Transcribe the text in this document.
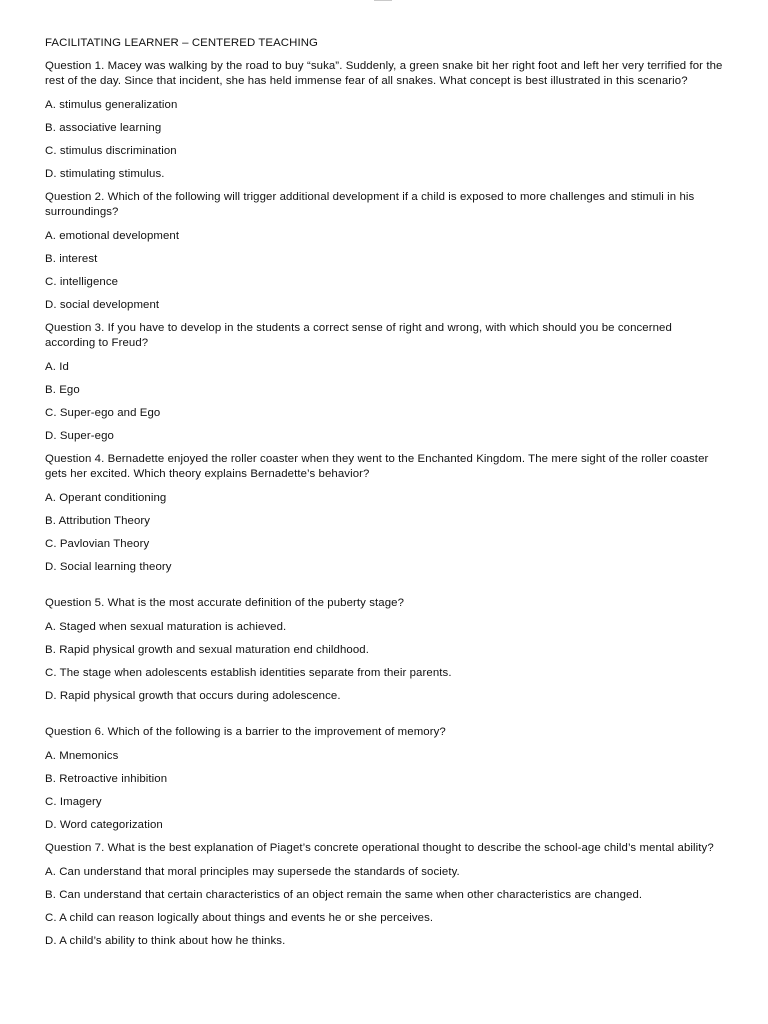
FACILITATING LEARNER – CENTERED TEACHING
Question 1. Macey was walking by the road to buy “suka”. Suddenly, a green snake bit her right foot and left her very terrified for the rest of the day. Since that incident, she has held immense fear of all snakes. What concept is best illustrated in this scenario?
A. stimulus generalization
B. associative learning
C. stimulus discrimination
D. stimulating stimulus.
Question 2. Which of the following will trigger additional development if a child is exposed to more challenges and stimuli in his surroundings?
A. emotional development
B. interest
C. intelligence
D. social development
Question 3. If you have to develop in the students a correct sense of right and wrong, with which should you be concerned according to Freud?
A. Id
B. Ego
C. Super-ego and Ego
D. Super-ego
Question 4. Bernadette enjoyed the roller coaster when they went to the Enchanted Kingdom. The mere sight of the roller coaster gets her excited. Which theory explains Bernadette’s behavior?
A. Operant conditioning
B. Attribution Theory
C. Pavlovian Theory
D. Social learning theory
Question 5. What is the most accurate definition of the puberty stage?
A. Staged when sexual maturation is achieved.
B. Rapid physical growth and sexual maturation end childhood.
C. The stage when adolescents establish identities separate from their parents.
D. Rapid physical growth that occurs during adolescence.
Question 6. Which of the following is a barrier to the improvement of memory?
A. Mnemonics
B. Retroactive inhibition
C. Imagery
D. Word categorization
Question 7. What is the best explanation of Piaget’s concrete operational thought to describe the school-age child’s mental ability?
A. Can understand that moral principles may supersede the standards of society.
B. Can understand that certain characteristics of an object remain the same when other characteristics are changed.
C. A child can reason logically about things and events he or she perceives.
D. A child’s ability to think about how he thinks.
